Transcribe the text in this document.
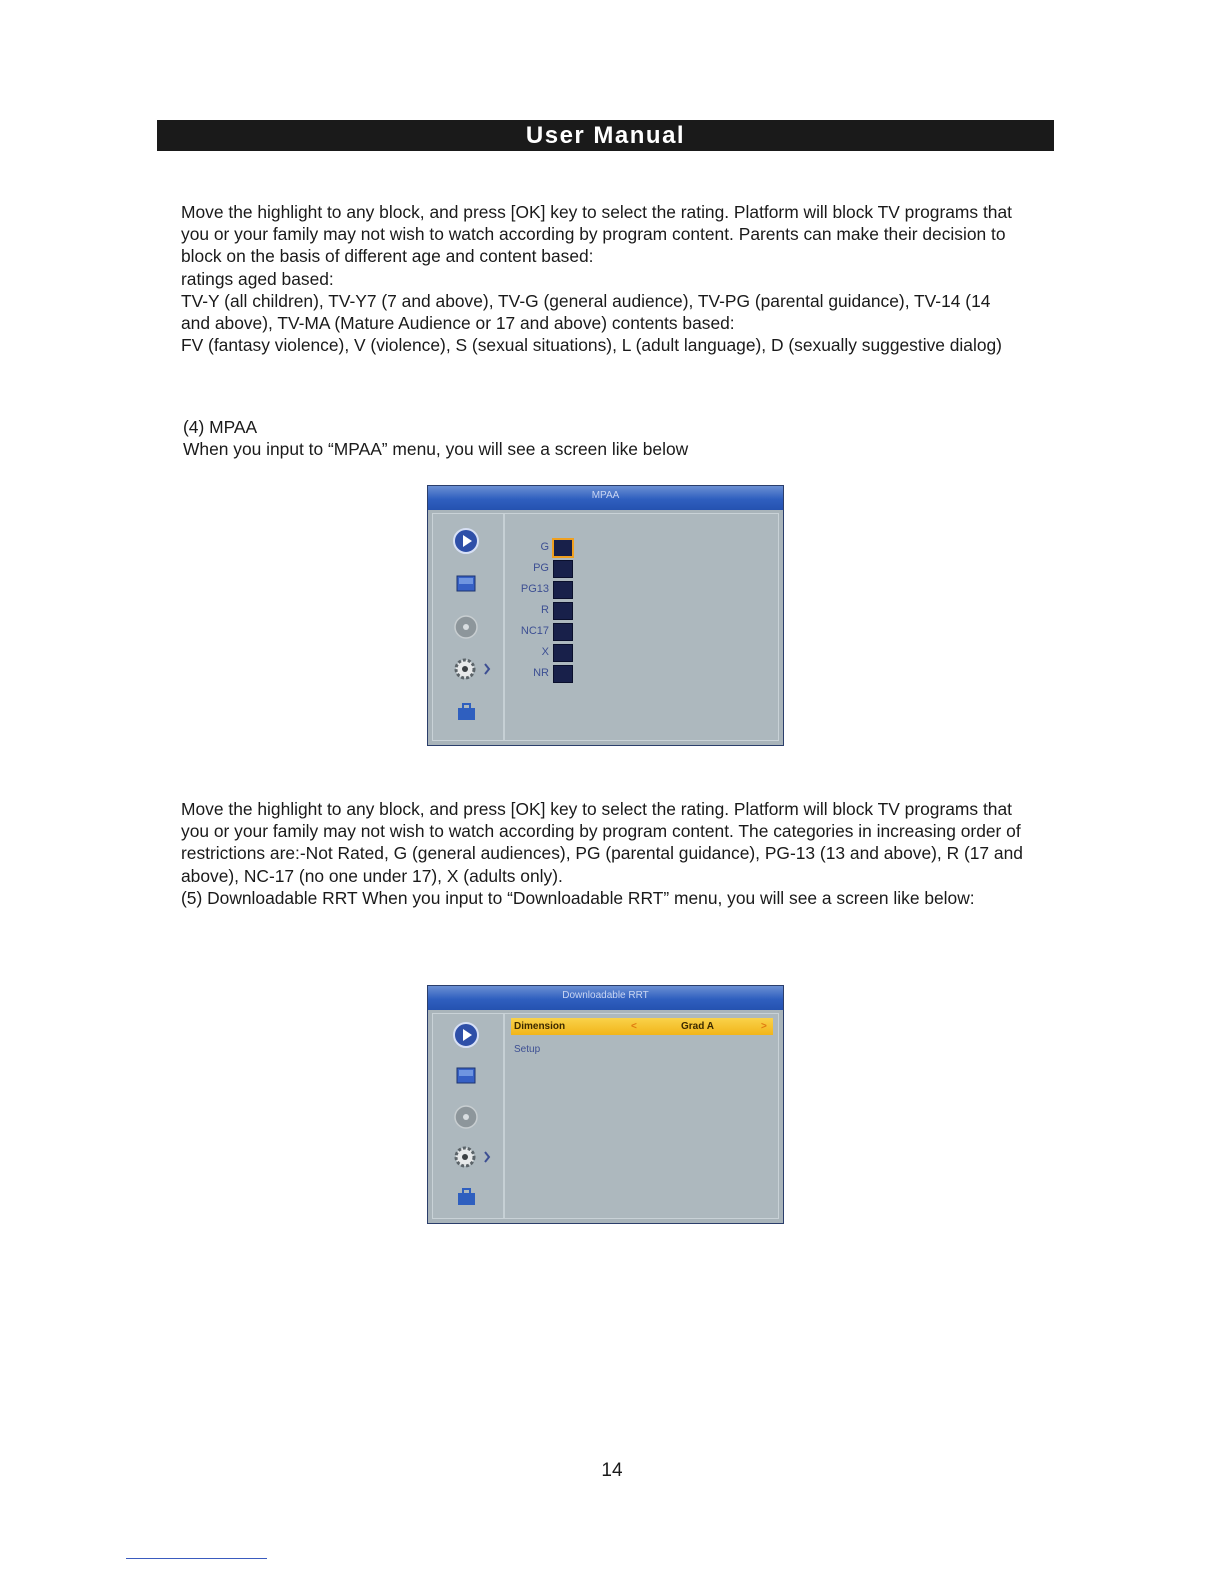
User Manual
Move the highlight to any block, and press [OK] key to select the rating. Platform will block TV programs that
you or your family may not wish to watch according by program content. Parents can make their decision to
block on the basis of different age and content based:
ratings aged based:
TV-Y (all children), TV-Y7 (7 and above), TV-G (general audience), TV-PG (parental guidance), TV-14 (14
and above), TV-MA (Mature Audience or 17 and above) contents based:
FV (fantasy violence), V (violence), S (sexual situations), L (adult language), D (sexually suggestive dialog)
(4) MPAA
When you input to “MPAA” menu, you will see a screen like below
MPAA
G
PG
PG13
R
NC17
X
NR
Move the highlight to any block, and press [OK] key to select the rating. Platform will block TV programs that
you or your family may not wish to watch according by program content. The categories in increasing order of
restrictions are:-Not Rated, G (general audiences), PG (parental guidance), PG-13 (13 and above), R (17 and
above), NC-17 (no one under 17), X (adults only).
(5) Downloadable RRT When you input to “Downloadable RRT” menu, you will see a screen like below:
Downloadable RRT
Dimension	<	Grad A	>
Setup
14
